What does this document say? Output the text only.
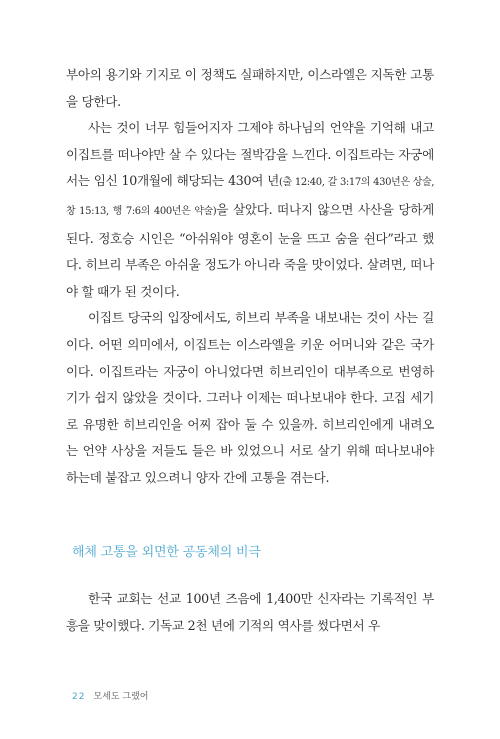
부아의 용기와 기지로 이 정책도 실패하지만, 이스라엘은 지독한 고통을 당한다.

사는 것이 너무 힘들어지자 그제야 하나님의 언약을 기억해 내고 이집트를 떠나야만 살 수 있다는 절박감을 느낀다. 이집트라는 자궁에서는 임신 10개월에 해당되는 430여 년(출 12:40, 갈 3:17의 430년은 상술, 창 15:13, 행 7:6의 400년은 약술)을 살았다. 떠나지 않으면 사산을 당하게 된다. 정호승 시인은 “아쉬워야 영혼이 눈을 뜨고 숨을 쉰다”라고 했다. 히브리 부족은 아쉬울 정도가 아니라 죽을 맛이었다. 살려면, 떠나야 할 때가 된 것이다.

이집트 당국의 입장에서도, 히브리 부족을 내보내는 것이 사는 길이다. 어떤 의미에서, 이집트는 이스라엘을 키운 어머니와 같은 국가이다. 이집트라는 자궁이 아니었다면 히브리인이 대부족으로 번영하기가 쉽지 않았을 것이다. 그러나 이제는 떠나보내야 한다. 고집 세기로 유명한 히브리인을 어찌 잡아 둘 수 있을까. 히브리인에게 내려오는 언약 사상을 저들도 들은 바 있었으니 서로 살기 위해 떠나보내야 하는데 붙잡고 있으려니 양자 간에 고통을 겪는다.

해체 고통을 외면한 공동체의 비극

한국 교회는 선교 100년 즈음에 1,400만 신자라는 기록적인 부흥을 맞이했다. 기독교 2천 년에 기적의 역사를 썼다면서 우

22 모세도 그랬어
